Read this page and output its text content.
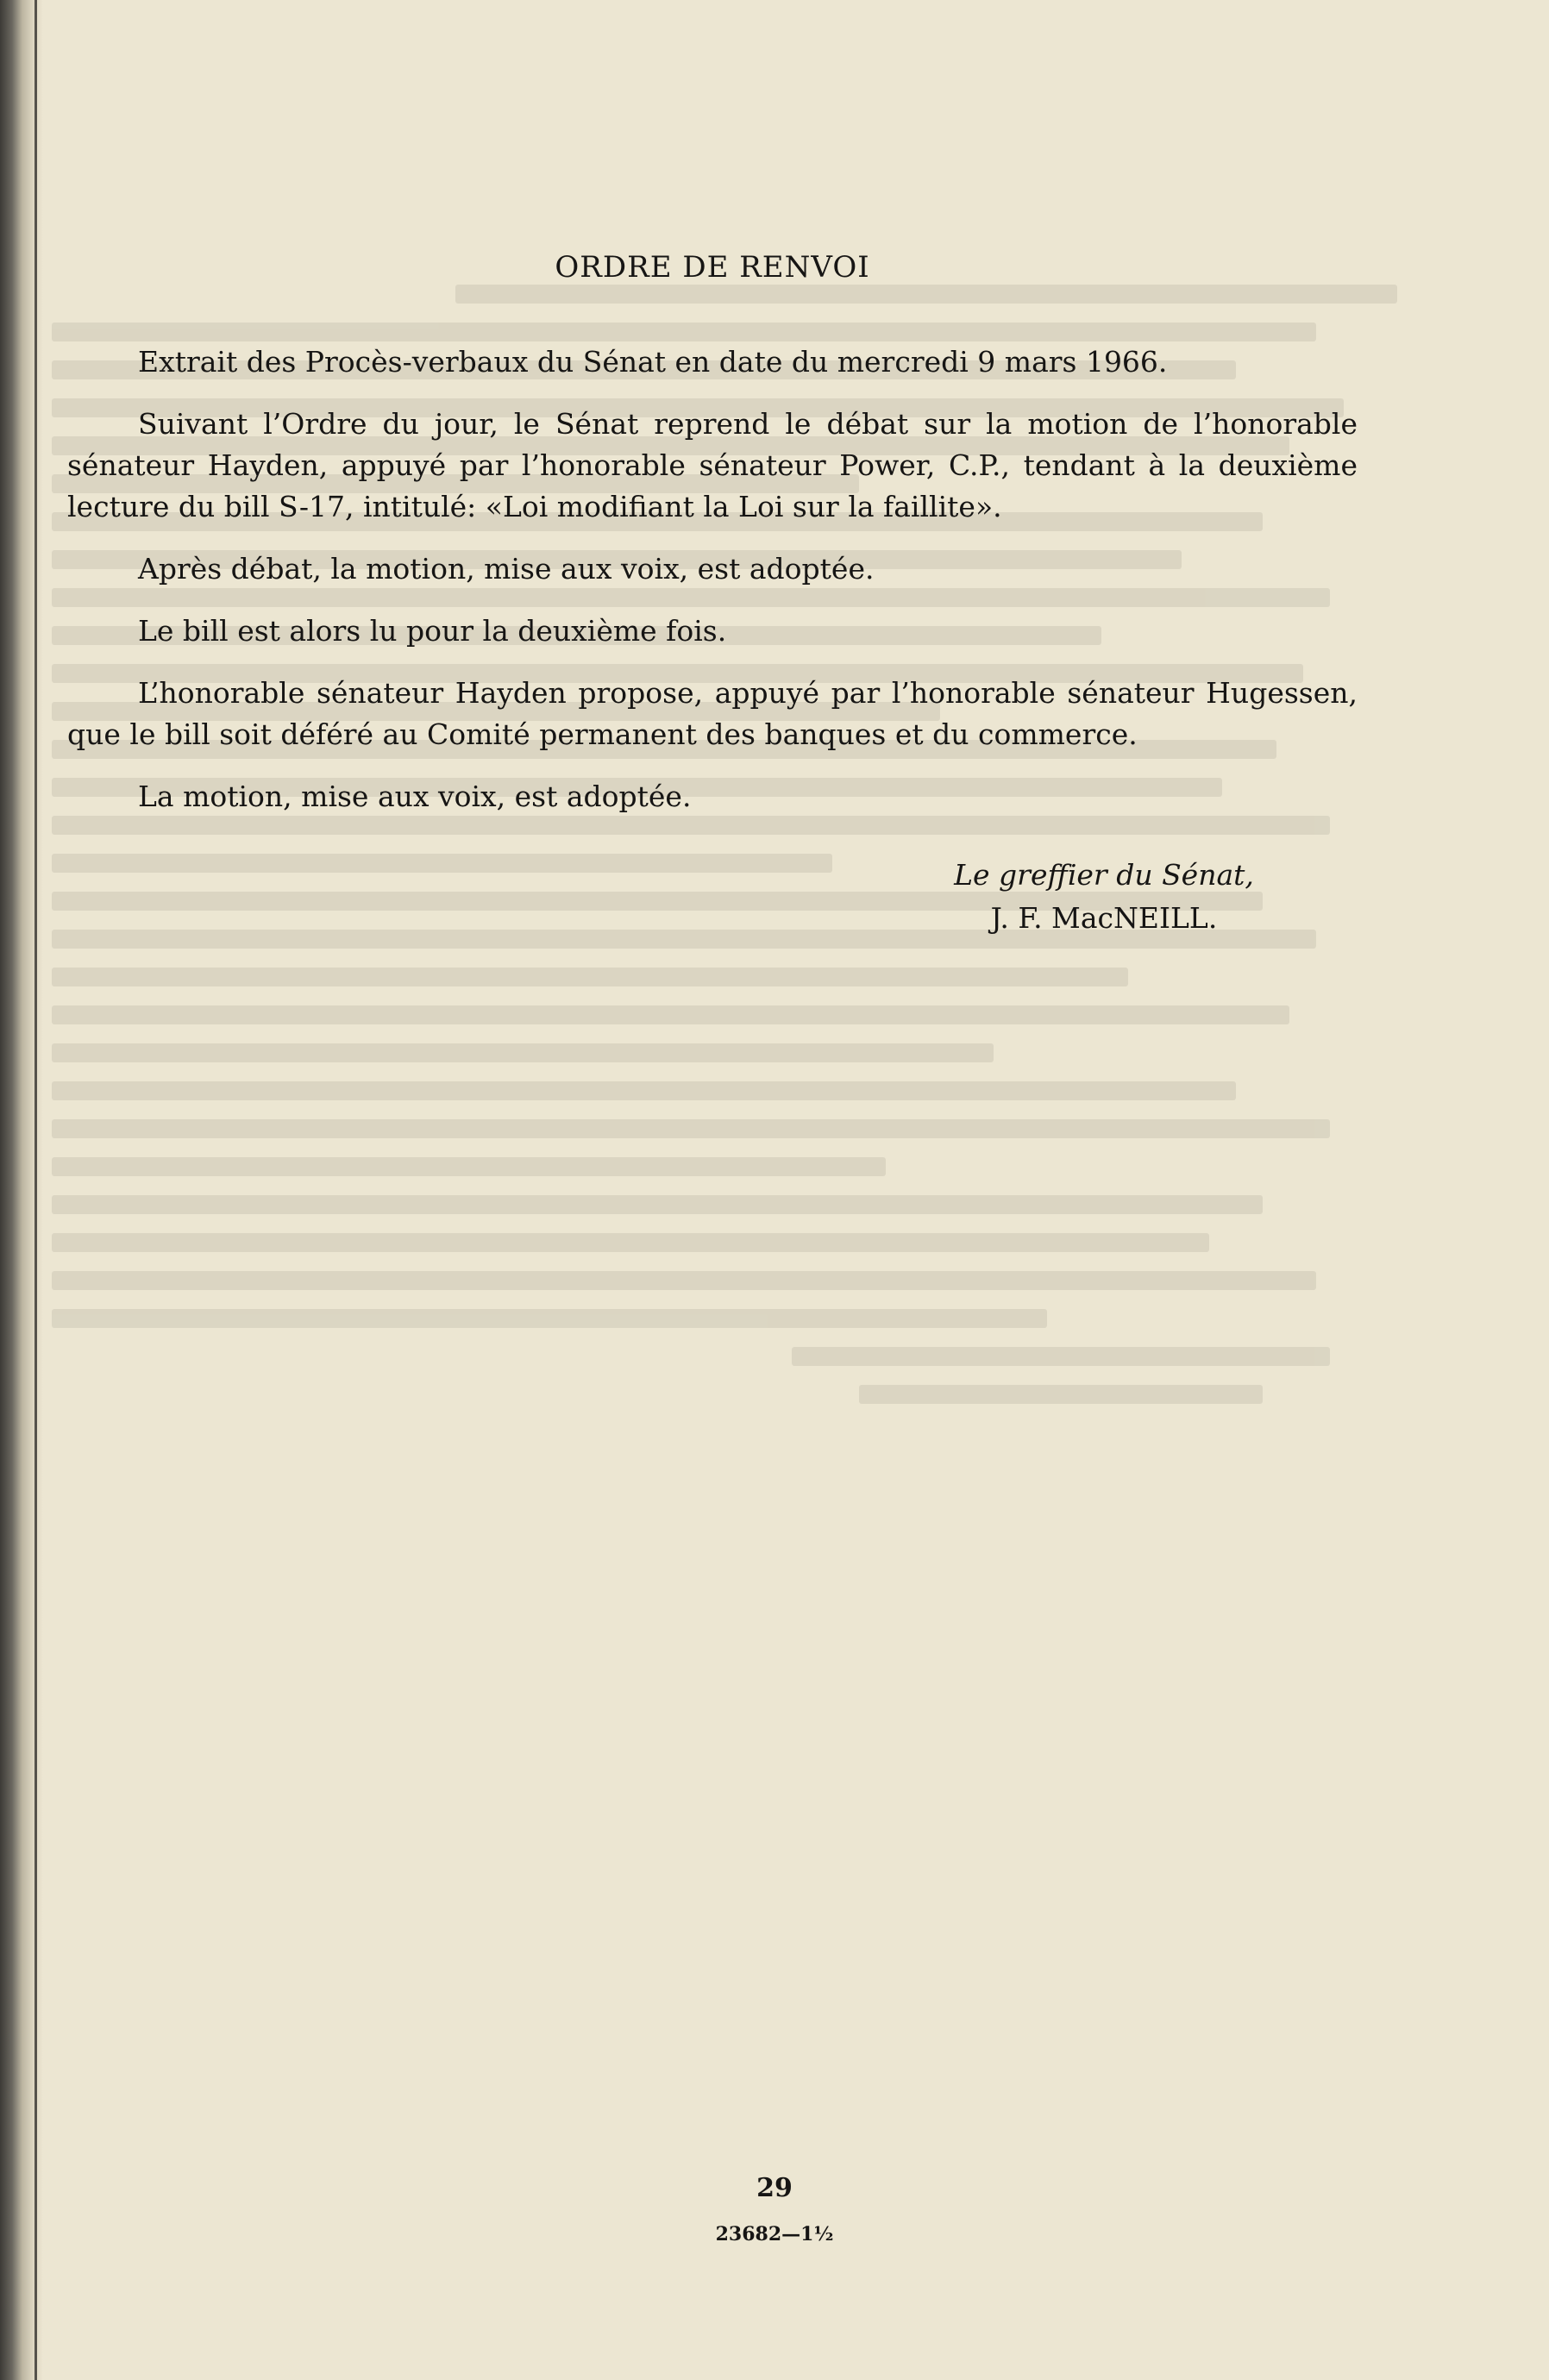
ORDRE DE RENVOI

Extrait des Procès-verbaux du Sénat en date du mercredi 9 mars 1966.

Suivant l’Ordre du jour, le Sénat reprend le débat sur la motion de l’honorable sénateur Hayden, appuyé par l’honorable sénateur Power, C.P., tendant à la deuxième lecture du bill S-17, intitulé: «Loi modifiant la Loi sur la faillite».

Après débat, la motion, mise aux voix, est adoptée.

Le bill est alors lu pour la deuxième fois.

L’honorable sénateur Hayden propose, appuyé par l’honorable sénateur Hugessen, que le bill soit déféré au Comité permanent des banques et du commerce.

La motion, mise aux voix, est adoptée.

Le greffier du Sénat,
J. F. MacNEILL.
29
23682—1½
